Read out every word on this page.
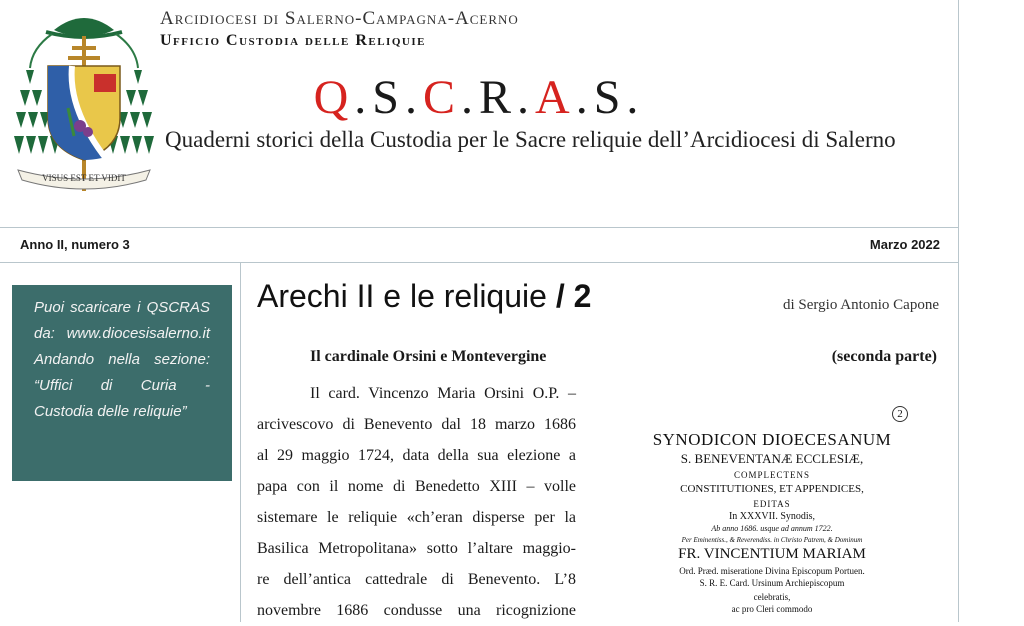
VISUS EST ET VIDIT
Arcidiocesi di Salerno-Campagna-Acerno
Ufficio Custodia delle Reliquie
Q.S.C.R.A.S.
Quaderni storici della Custodia per le Sacre reliquie dell’Arcidiocesi di Salerno
Anno II, numero 3	Marzo 2022
Puoi scaricare i QSCRAS
da: www.diocesisalerno.it
Andando nella sezione:
“Uffici di Curia -
Custodia delle reliquie”
Arechi II e le reliquie / 2	di Sergio Antonio Capone
Il cardinale Orsini e Montevergine	(seconda parte)
Il card. Vincenzo Maria Orsini O.P. –
arcivescovo di Benevento dal 18 marzo 1686
al 29 maggio 1724, data della sua elezione a
papa con il nome di Benedetto XIII – volle
sistemare le reliquie «ch’eran disperse per la
Basilica Metropolitana» sotto l’altare maggio-
re dell’antica cattedrale di Benevento. L’8
novembre 1686 condusse una ricognizione
2
SYNODICON DIOECESANUM
S. BENEVENTANÆ ECCLESIÆ,
COMPLECTENS
CONSTITUTIONES, ET APPENDICES,
EDITAS
In XXXVII. Synodis,
Ab anno 1686. usque ad annum 1722.
Per Eminentiss., & Reverendiss. in Christo Patrem, & Dominum
FR. VINCENTIUM MARIAM
Ord. Præd. miseratione Divina Episcopum Portuen.
S. R. E. Card. Ursinum Archiepiscopum
celebratis,
ac pro Cleri commodo
